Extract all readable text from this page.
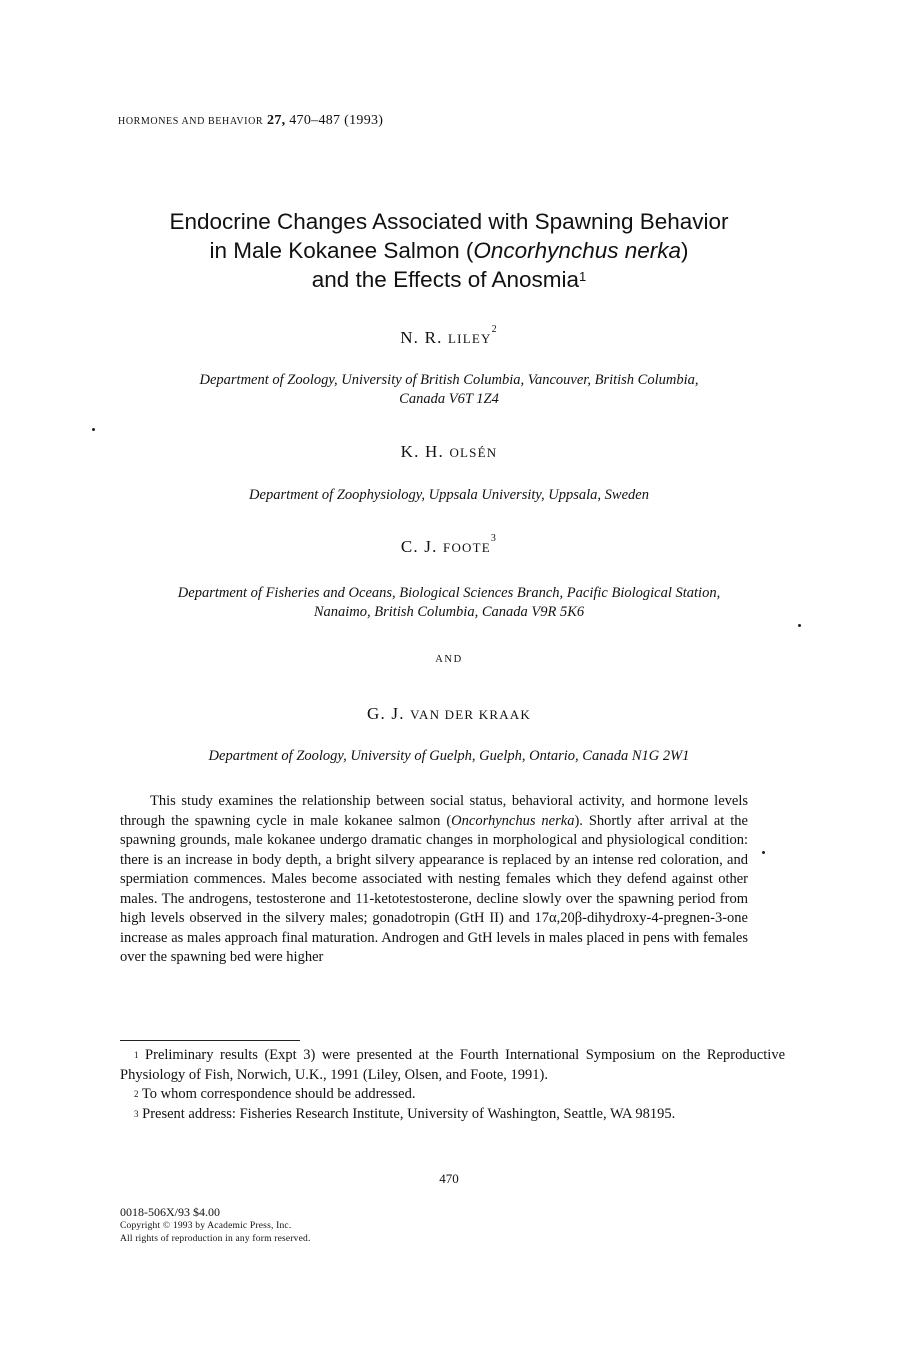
HORMONES AND BEHAVIOR 27, 470–487 (1993)
Endocrine Changes Associated with Spawning Behavior
in Male Kokanee Salmon (Oncorhynchus nerka)
and the Effects of Anosmia$^1$
N. R. LILEY$^2$
Department of Zoology, University of British Columbia, Vancouver, British Columbia,
Canada V6T 1Z4
K. H. OLSÉN
Department of Zoophysiology, Uppsala University, Uppsala, Sweden
C. J. FOOTE$^3$
Department of Fisheries and Oceans, Biological Sciences Branch, Pacific Biological Station,
Nanaimo, British Columbia, Canada V9R 5K6
AND
G. J. VAN DER KRAAK
Department of Zoology, University of Guelph, Guelph, Ontario, Canada N1G 2W1

This study examines the relationship between social status, behavioral activity, and hormone levels through the spawning cycle in male kokanee salmon (Oncorhynchus nerka). Shortly after arrival at the spawning grounds, male kokanee undergo dramatic changes in morphological and physiological condition: there is an increase in body depth, a bright silvery appearance is replaced by an intense red coloration, and spermiation commences. Males become associated with nesting females which they defend against other males. The androgens, testosterone and 11-ketotestosterone, decline slowly over the spawning period from high levels observed in the silvery males; gonadotropin (GtH II) and 17α,20β-dihydroxy-4-pregnen-3-one increase as males approach final maturation. Androgen and GtH levels in males placed in pens with females over the spawning bed were higher

$^1$ Preliminary results (Expt 3) were presented at the Fourth International Symposium on the Reproductive Physiology of Fish, Norwich, U.K., 1991 (Liley, Olsen, and Foote, 1991).

$^2$ To whom correspondence should be addressed.

$^3$ Present address: Fisheries Research Institute, University of Washington, Seattle, WA 98195.

470
0018-506X/93 $4.00
Copyright © 1993 by Academic Press, Inc.
All rights of reproduction in any form reserved.
